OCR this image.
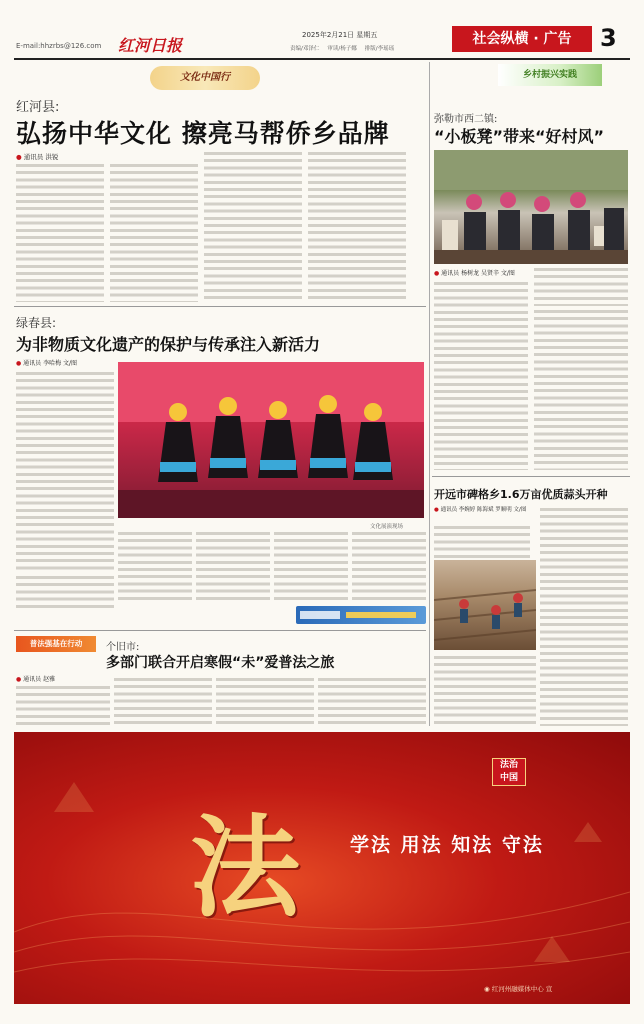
E-mail:hhzrbs@126.com 红河日报
2025年2月21日 星期五
责编/邓泽仁 审读/杨子娜 排版/李瑶瑶
社会纵横 · 广告	3
文化中国行
红河县:
弘扬中华文化 擦亮马帮侨乡品牌
● 通讯员 洪锐
乡村振兴实践
弥勒市西二镇:
“小板凳”带来“好村风”
● 通讯员 杨树龙 吴贤辛 文/图
绿春县:
为非物质文化遗产的保护与传承注入新活力
● 通讯员 李哈梅 文/图
文化展演现场
开远市碑格乡1.6万亩优质蒜头开种
● 通讯员 李婉婷 陈海斌 罗顺明 文/图
普法强基在行动	个旧市:
多部门联合开启寒假“未”爱普法之旅
● 通讯员 赵雅
法	学法 用法 知法 守法
法治
中国
◉ 红河州融媒体中心 宣
